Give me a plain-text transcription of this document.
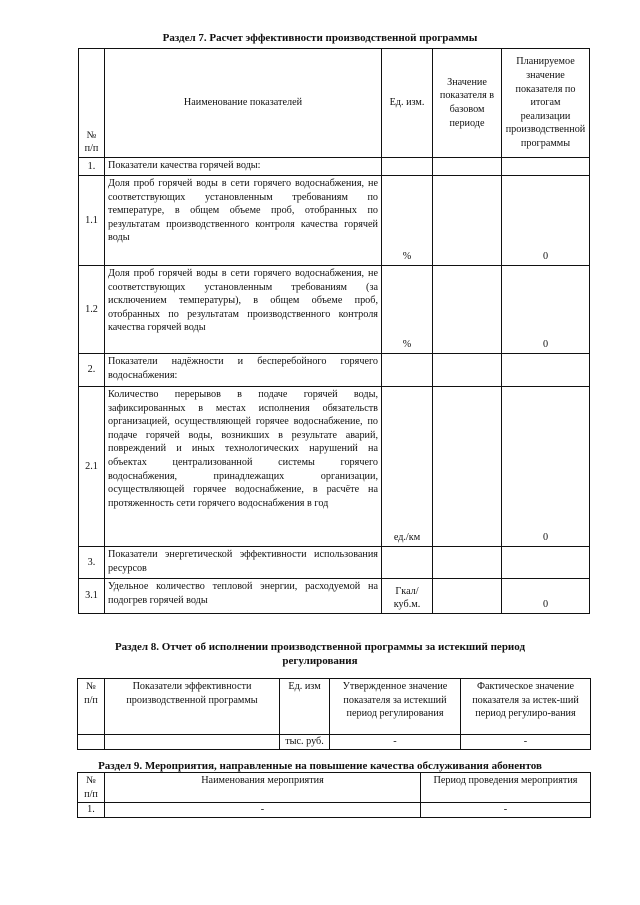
Раздел 7. Расчет эффективности производственной программы
№ п/п	Наименование показателей	Ед. изм.	Значение показателя в базовом периоде	Планируемое значение показателя по итогам реализации производственной программы
1.	Показатели качества горячей воды:			
1.1	Доля проб горячей воды в сети горячего водоснабжения, не соответствующих установленным требованиям по температуре, в общем объеме проб, отобранных по результатам производственного контроля качества горячей воды	%		0
1.2	Доля проб горячей воды в сети горячего водоснабжения, не соответствующих установленным требованиям (за исключением температуры), в общем объеме проб, отобранных по результатам производственного контроля качества горячей воды	%		0
2.	Показатели надёжности и бесперебойного горячего водоснабжения:			
2.1	Количество перерывов в подаче горячей воды, зафиксированных в местах исполнения обязательств организацией, осуществляющей горячее водоснабжение, по подаче горячей воды, возникших в результате аварий, повреждений и иных технологических нарушений на объектах централизованной системы горячего водоснабжения, принадлежащих организации, осуществляющей горячее водоснабжение, в расчёте на протяженность сети горячего водоснабжения в год	ед./км		0
3.	Показатели энергетической эффективности использования ресурсов			
3.1	Удельное количество тепловой энергии, расходуемой на подогрев горячей воды	Гкал/ куб.м.		0
Раздел 8. Отчет об исполнении производственной программы за истекший период
регулирования
№ п/п	Показатели эффективности производственной программы	Ед. изм	Утвержденное значение показателя за истекший период регулирования	Фактическое значение показателя за истек-ший период регулиро-вания
		тыс. руб.	-	-
Раздел 9. Мероприятия, направленные на повышение качества обслуживания абонентов
№ п/п	Наименования мероприятия	Период проведения мероприятия
1.	-	-
